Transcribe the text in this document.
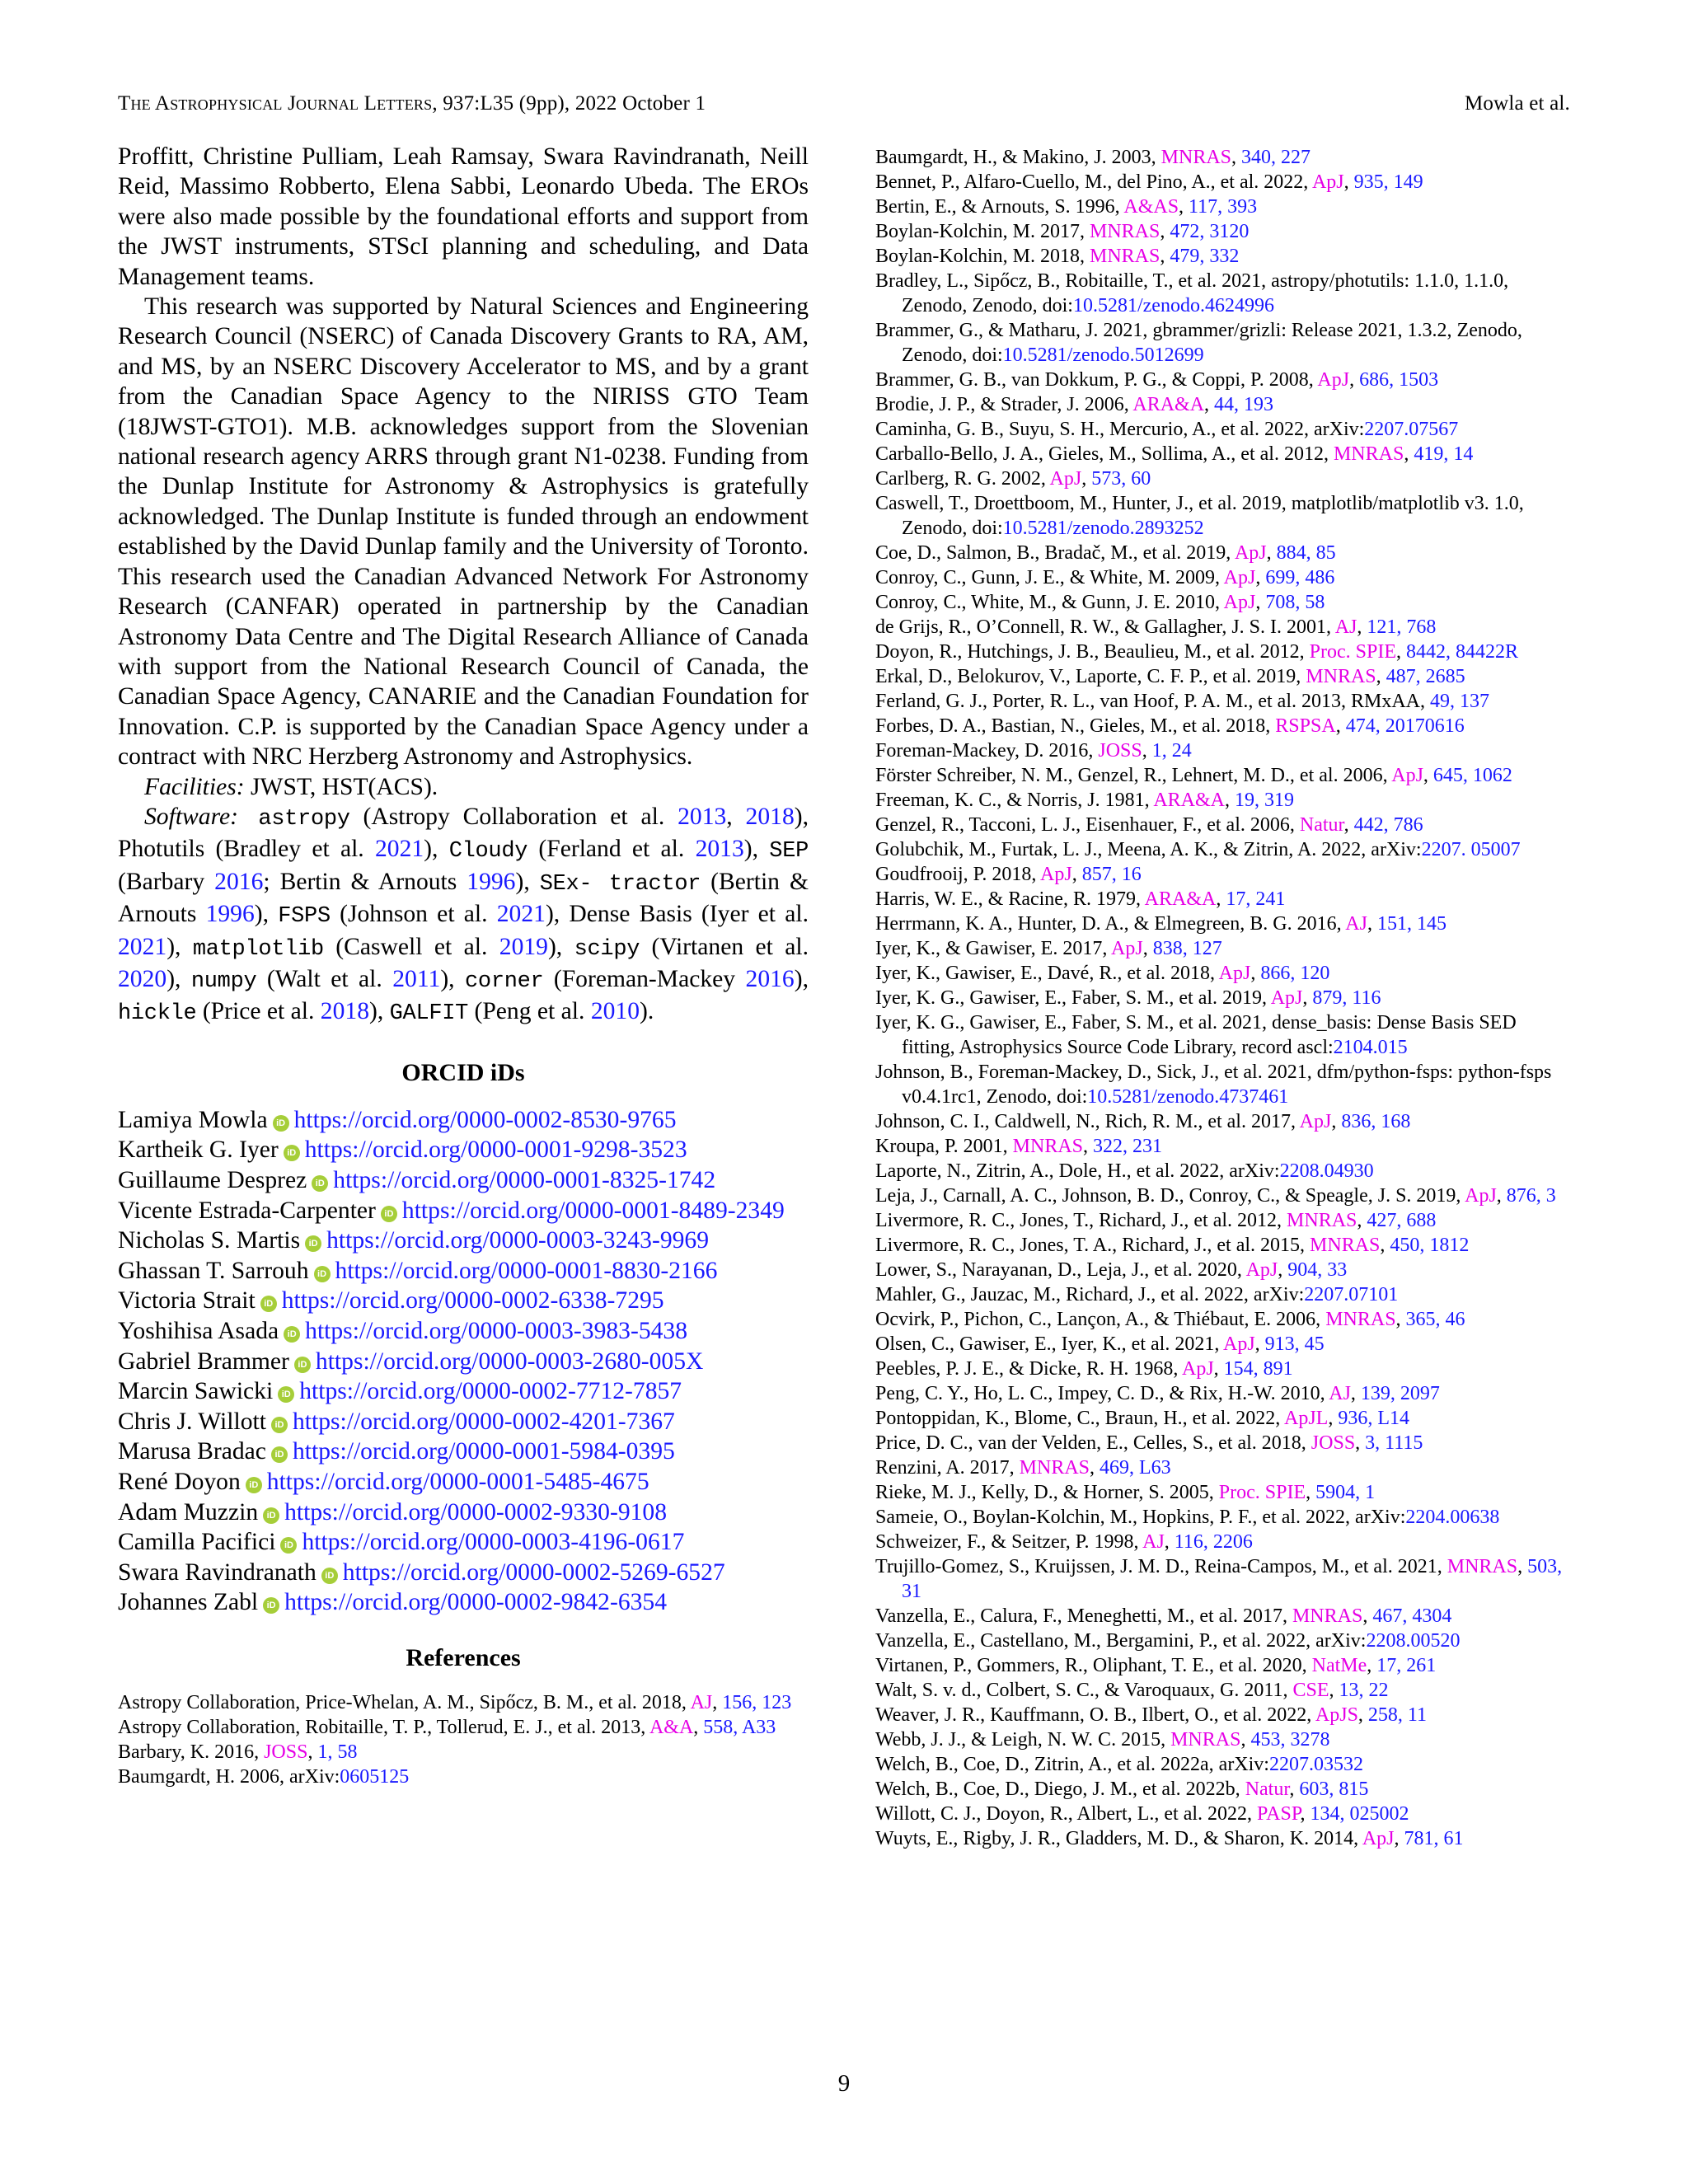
The Astrophysical Journal Letters, 937:L35 (9pp), 2022 October 1	Mowla et al.

Proffitt, Christine Pulliam, Leah Ramsay, Swara Ravindranath, Neill Reid, Massimo Robberto, Elena Sabbi, Leonardo Ubeda. The EROs were also made possible by the foundational efforts and support from the JWST instruments, STScI planning and scheduling, and Data Management teams.

This research was supported by Natural Sciences and Engineering Research Council (NSERC) of Canada Discovery Grants to RA, AM, and MS, by an NSERC Discovery Accelerator to MS, and by a grant from the Canadian Space Agency to the NIRISS GTO Team (18JWST-GTO1). M.B. acknowledges support from the Slovenian national research agency ARRS through grant N1-0238. Funding from the Dunlap Institute for Astronomy & Astrophysics is gratefully acknowledged. The Dunlap Institute is funded through an endowment established by the David Dunlap family and the University of Toronto. This research used the Canadian Advanced Network For Astronomy Research (CANFAR) operated in partnership by the Canadian Astronomy Data Centre and The Digital Research Alliance of Canada with support from the National Research Council of Canada, the Canadian Space Agency, CANARIE and the Canadian Foundation for Innovation. C.P. is supported by the Canadian Space Agency under a contract with NRC Herzberg Astronomy and Astrophysics.

Facilities: JWST, HST(ACS).

Software: astropy (Astropy Collaboration et al. 2013, 2018), Photutils (Bradley et al. 2021), Cloudy (Ferland et al. 2013), SEP (Barbary 2016; Bertin & Arnouts 1996), SEx- tractor (Bertin & Arnouts 1996), FSPS (Johnson et al. 2021), Dense Basis (Iyer et al. 2021), matplotlib (Caswell et al. 2019), scipy (Virtanen et al. 2020), numpy (Walt et al. 2011), corner (Foreman-Mackey 2016), hickle (Price et al. 2018), GALFIT (Peng et al. 2010).

ORCID iDs

Lamiya Mowla iD https://orcid.org/0000-0002-8530-9765

Kartheik G. Iyer iD https://orcid.org/0000-0001-9298-3523

Guillaume Desprez iD https://orcid.org/0000-0001-8325-1742

Vicente Estrada-Carpenter iD https://orcid.org/0000-0001-8489-2349

Nicholas S. Martis iD https://orcid.org/0000-0003-3243-9969

Ghassan T. Sarrouh iD https://orcid.org/0000-0001-8830-2166

Victoria Strait iD https://orcid.org/0000-0002-6338-7295

Yoshihisa Asada iD https://orcid.org/0000-0003-3983-5438

Gabriel Brammer iD https://orcid.org/0000-0003-2680-005X

Marcin Sawicki iD https://orcid.org/0000-0002-7712-7857

Chris J. Willott iD https://orcid.org/0000-0002-4201-7367

Marusa Bradac iD https://orcid.org/0000-0001-5984-0395

René Doyon iD https://orcid.org/0000-0001-5485-4675

Adam Muzzin iD https://orcid.org/0000-0002-9330-9108

Camilla Pacifici iD https://orcid.org/0000-0003-4196-0617

Swara Ravindranath iD https://orcid.org/0000-0002-5269-6527

Johannes Zabl iD https://orcid.org/0000-0002-9842-6354

References

Astropy Collaboration, Price-Whelan, A. M., Sipőcz, B. M., et al. 2018, AJ, 156, 123

Astropy Collaboration, Robitaille, T. P., Tollerud, E. J., et al. 2013, A&A, 558, A33

Barbary, K. 2016, JOSS, 1, 58

Baumgardt, H. 2006, arXiv:0605125

Baumgardt, H., & Makino, J. 2003, MNRAS, 340, 227

Bennet, P., Alfaro-Cuello, M., del Pino, A., et al. 2022, ApJ, 935, 149

Bertin, E., & Arnouts, S. 1996, A&AS, 117, 393

Boylan-Kolchin, M. 2017, MNRAS, 472, 3120

Boylan-Kolchin, M. 2018, MNRAS, 479, 332

Bradley, L., Sipőcz, B., Robitaille, T., et al. 2021, astropy/photutils: 1.1.0, 1.1.0, Zenodo, Zenodo, doi:10.5281/zenodo.4624996

Brammer, G., & Matharu, J. 2021, gbrammer/grizli: Release 2021, 1.3.2, Zenodo, Zenodo, doi:10.5281/zenodo.5012699

Brammer, G. B., van Dokkum, P. G., & Coppi, P. 2008, ApJ, 686, 1503

Brodie, J. P., & Strader, J. 2006, ARA&A, 44, 193

Caminha, G. B., Suyu, S. H., Mercurio, A., et al. 2022, arXiv:2207.07567

Carballo-Bello, J. A., Gieles, M., Sollima, A., et al. 2012, MNRAS, 419, 14

Carlberg, R. G. 2002, ApJ, 573, 60

Caswell, T., Droettboom, M., Hunter, J., et al. 2019, matplotlib/matplotlib v3. 1.0, Zenodo, doi:10.5281/zenodo.2893252

Coe, D., Salmon, B., Bradač, M., et al. 2019, ApJ, 884, 85

Conroy, C., Gunn, J. E., & White, M. 2009, ApJ, 699, 486

Conroy, C., White, M., & Gunn, J. E. 2010, ApJ, 708, 58

de Grijs, R., O’Connell, R. W., & Gallagher, J. S. I. 2001, AJ, 121, 768

Doyon, R., Hutchings, J. B., Beaulieu, M., et al. 2012, Proc. SPIE, 8442, 84422R

Erkal, D., Belokurov, V., Laporte, C. F. P., et al. 2019, MNRAS, 487, 2685

Ferland, G. J., Porter, R. L., van Hoof, P. A. M., et al. 2013, RMxAA, 49, 137

Forbes, D. A., Bastian, N., Gieles, M., et al. 2018, RSPSA, 474, 20170616

Foreman-Mackey, D. 2016, JOSS, 1, 24

Förster Schreiber, N. M., Genzel, R., Lehnert, M. D., et al. 2006, ApJ, 645, 1062

Freeman, K. C., & Norris, J. 1981, ARA&A, 19, 319

Genzel, R., Tacconi, L. J., Eisenhauer, F., et al. 2006, Natur, 442, 786

Golubchik, M., Furtak, L. J., Meena, A. K., & Zitrin, A. 2022, arXiv:2207. 05007

Goudfrooij, P. 2018, ApJ, 857, 16

Harris, W. E., & Racine, R. 1979, ARA&A, 17, 241

Herrmann, K. A., Hunter, D. A., & Elmegreen, B. G. 2016, AJ, 151, 145

Iyer, K., & Gawiser, E. 2017, ApJ, 838, 127

Iyer, K., Gawiser, E., Davé, R., et al. 2018, ApJ, 866, 120

Iyer, K. G., Gawiser, E., Faber, S. M., et al. 2019, ApJ, 879, 116

Iyer, K. G., Gawiser, E., Faber, S. M., et al. 2021, dense_basis: Dense Basis SED fitting, Astrophysics Source Code Library, record ascl:2104.015

Johnson, B., Foreman-Mackey, D., Sick, J., et al. 2021, dfm/python-fsps: python-fsps v0.4.1rc1, Zenodo, doi:10.5281/zenodo.4737461

Johnson, C. I., Caldwell, N., Rich, R. M., et al. 2017, ApJ, 836, 168

Kroupa, P. 2001, MNRAS, 322, 231

Laporte, N., Zitrin, A., Dole, H., et al. 2022, arXiv:2208.04930

Leja, J., Carnall, A. C., Johnson, B. D., Conroy, C., & Speagle, J. S. 2019, ApJ, 876, 3

Livermore, R. C., Jones, T., Richard, J., et al. 2012, MNRAS, 427, 688

Livermore, R. C., Jones, T. A., Richard, J., et al. 2015, MNRAS, 450, 1812

Lower, S., Narayanan, D., Leja, J., et al. 2020, ApJ, 904, 33

Mahler, G., Jauzac, M., Richard, J., et al. 2022, arXiv:2207.07101

Ocvirk, P., Pichon, C., Lançon, A., & Thiébaut, E. 2006, MNRAS, 365, 46

Olsen, C., Gawiser, E., Iyer, K., et al. 2021, ApJ, 913, 45

Peebles, P. J. E., & Dicke, R. H. 1968, ApJ, 154, 891

Peng, C. Y., Ho, L. C., Impey, C. D., & Rix, H.-W. 2010, AJ, 139, 2097

Pontoppidan, K., Blome, C., Braun, H., et al. 2022, ApJL, 936, L14

Price, D. C., van der Velden, E., Celles, S., et al. 2018, JOSS, 3, 1115

Renzini, A. 2017, MNRAS, 469, L63

Rieke, M. J., Kelly, D., & Horner, S. 2005, Proc. SPIE, 5904, 1

Sameie, O., Boylan-Kolchin, M., Hopkins, P. F., et al. 2022, arXiv:2204.00638

Schweizer, F., & Seitzer, P. 1998, AJ, 116, 2206

Trujillo-Gomez, S., Kruijssen, J. M. D., Reina-Campos, M., et al. 2021, MNRAS, 503, 31

Vanzella, E., Calura, F., Meneghetti, M., et al. 2017, MNRAS, 467, 4304

Vanzella, E., Castellano, M., Bergamini, P., et al. 2022, arXiv:2208.00520

Virtanen, P., Gommers, R., Oliphant, T. E., et al. 2020, NatMe, 17, 261

Walt, S. v. d., Colbert, S. C., & Varoquaux, G. 2011, CSE, 13, 22

Weaver, J. R., Kauffmann, O. B., Ilbert, O., et al. 2022, ApJS, 258, 11

Webb, J. J., & Leigh, N. W. C. 2015, MNRAS, 453, 3278

Welch, B., Coe, D., Zitrin, A., et al. 2022a, arXiv:2207.03532

Welch, B., Coe, D., Diego, J. M., et al. 2022b, Natur, 603, 815

Willott, C. J., Doyon, R., Albert, L., et al. 2022, PASP, 134, 025002

Wuyts, E., Rigby, J. R., Gladders, M. D., & Sharon, K. 2014, ApJ, 781, 61

9
